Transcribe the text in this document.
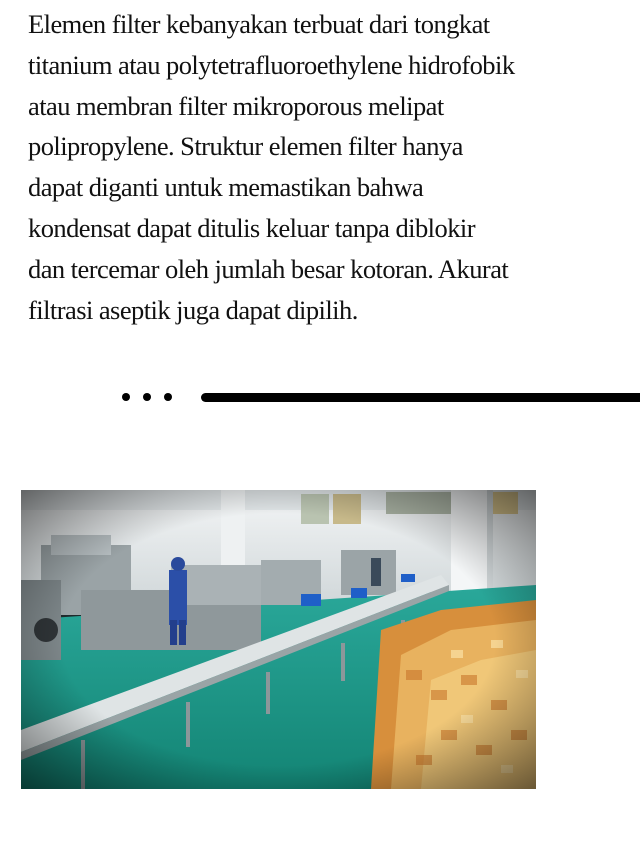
Elemen filter kebanyakan terbuat dari tongkat
titanium atau polytetrafluoroethylene hidrofobik
atau membran filter mikroporous melipat
polipropylene. Struktur elemen filter hanya
dapat diganti untuk memastikan bahwa
kondensat dapat ditulis keluar tanpa diblokir
dan tercemar oleh jumlah besar kotoran. Akurat
filtrasi aseptik juga dapat dipilih.
